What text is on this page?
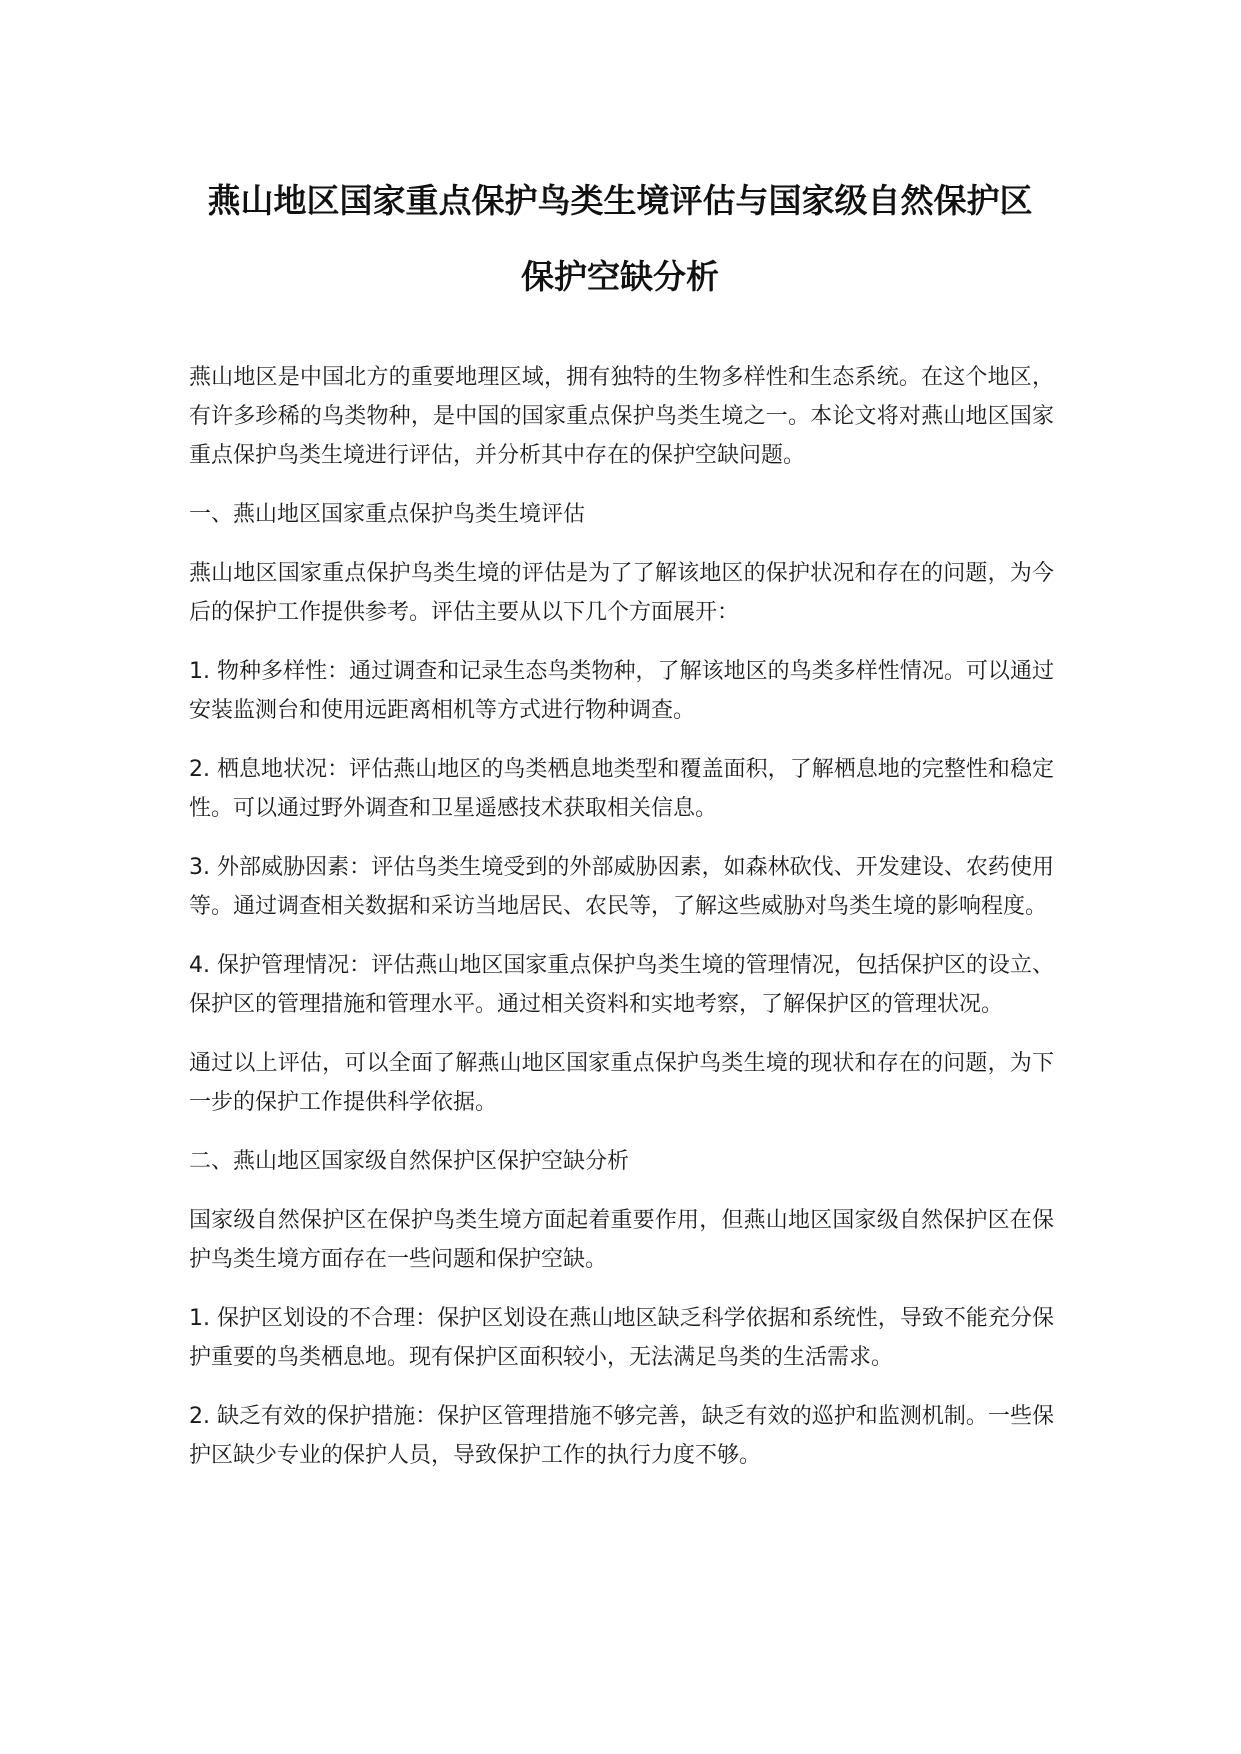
燕山地区国家重点保护鸟类生境评估与国家级自然保护区
保护空缺分析

燕山地区是中国北方的重要地理区域，拥有独特的生物多样性和生态系统。在这个地区，有许多珍稀的鸟类物种，是中国的国家重点保护鸟类生境之一。本论文将对燕山地区国家重点保护鸟类生境进行评估，并分析其中存在的保护空缺问题。

一、燕山地区国家重点保护鸟类生境评估

燕山地区国家重点保护鸟类生境的评估是为了了解该地区的保护状况和存在的问题，为今后的保护工作提供参考。评估主要从以下几个方面展开：

1. 物种多样性：通过调查和记录生态鸟类物种，了解该地区的鸟类多样性情况。可以通过安装监测台和使用远距离相机等方式进行物种调查。

2. 栖息地状况：评估燕山地区的鸟类栖息地类型和覆盖面积，了解栖息地的完整性和稳定性。可以通过野外调查和卫星遥感技术获取相关信息。

3. 外部威胁因素：评估鸟类生境受到的外部威胁因素，如森林砍伐、开发建设、农药使用等。通过调查相关数据和采访当地居民、农民等，了解这些威胁对鸟类生境的影响程度。

4. 保护管理情况：评估燕山地区国家重点保护鸟类生境的管理情况，包括保护区的设立、保护区的管理措施和管理水平。通过相关资料和实地考察，了解保护区的管理状况。

通过以上评估，可以全面了解燕山地区国家重点保护鸟类生境的现状和存在的问题，为下一步的保护工作提供科学依据。

二、燕山地区国家级自然保护区保护空缺分析

国家级自然保护区在保护鸟类生境方面起着重要作用，但燕山地区国家级自然保护区在保护鸟类生境方面存在一些问题和保护空缺。

1. 保护区划设的不合理：保护区划设在燕山地区缺乏科学依据和系统性，导致不能充分保护重要的鸟类栖息地。现有保护区面积较小，无法满足鸟类的生活需求。

2. 缺乏有效的保护措施：保护区管理措施不够完善，缺乏有效的巡护和监测机制。一些保护区缺少专业的保护人员，导致保护工作的执行力度不够。
